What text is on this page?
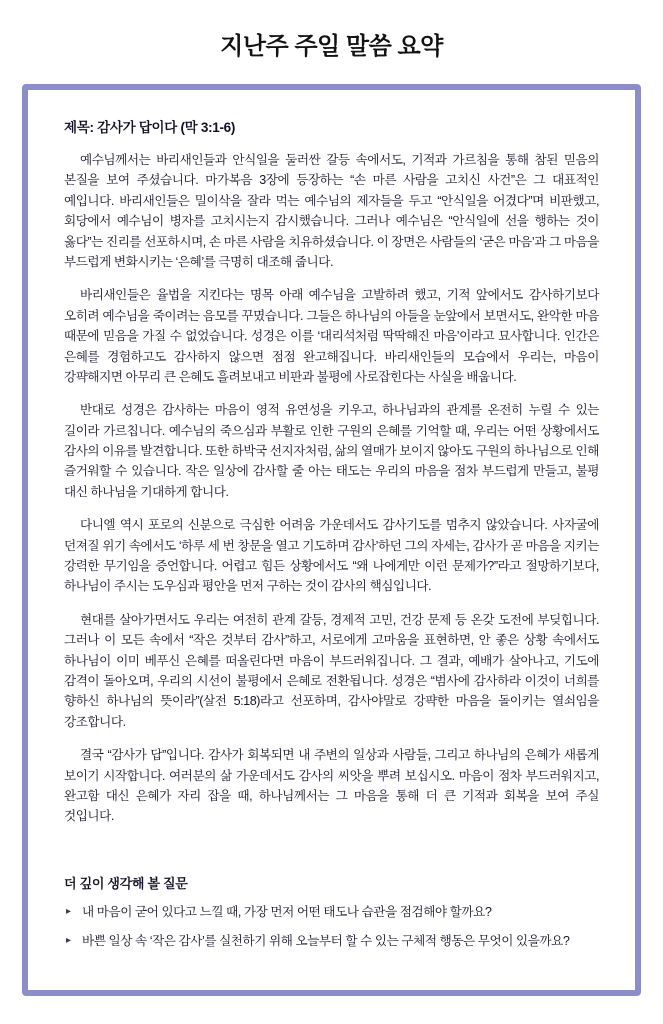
지난주 주일 말씀 요약
제목: 감사가 답이다 (막 3:1-6)

예수님께서는 바리새인들과 안식일을 둘러싼 갈등 속에서도, 기적과 가르침을 통해 참된 믿음의 본질을 보여 주셨습니다. 마가복음 3장에 등장하는 “손 마른 사람을 고치신 사건”은 그 대표적인 예입니다. 바리새인들은 밀이삭을 잘라 먹는 예수님의 제자들을 두고 “안식일을 어겼다”며 비판했고, 회당에서 예수님이 병자를 고치시는지 감시했습니다. 그러나 예수님은 “안식일에 선을 행하는 것이 옳다”는 진리를 선포하시며, 손 마른 사람을 치유하셨습니다. 이 장면은 사람들의 ‘굳은 마음’과 그 마음을 부드럽게 변화시키는 ‘은혜’를 극명히 대조해 줍니다.

바리새인들은 율법을 지킨다는 명목 아래 예수님을 고발하려 했고, 기적 앞에서도 감사하기보다 오히려 예수님을 죽이려는 음모를 꾸몄습니다. 그들은 하나님의 아들을 눈앞에서 보면서도, 완악한 마음 때문에 믿음을 가질 수 없었습니다. 성경은 이를 ‘대리석처럼 딱딱해진 마음’이라고 묘사합니다. 인간은 은혜를 경험하고도 감사하지 않으면 점점 완고해집니다. 바리새인들의 모습에서 우리는, 마음이 강퍅해지면 아무리 큰 은혜도 흘려보내고 비판과 불평에 사로잡힌다는 사실을 배웁니다.

반대로 성경은 감사하는 마음이 영적 유연성을 키우고, 하나님과의 관계를 온전히 누릴 수 있는 길이라 가르칩니다. 예수님의 죽으심과 부활로 인한 구원의 은혜를 기억할 때, 우리는 어떤 상황에서도 감사의 이유를 발견합니다. 또한 하박국 선지자처럼, 삶의 열매가 보이지 않아도 구원의 하나님으로 인해 즐거워할 수 있습니다. 작은 일상에 감사할 줄 아는 태도는 우리의 마음을 점차 부드럽게 만들고, 불평 대신 하나님을 기대하게 합니다.

다니엘 역시 포로의 신분으로 극심한 어려움 가운데서도 감사기도를 멈추지 않았습니다. 사자굴에 던져질 위기 속에서도 ‘하루 세 번 창문을 열고 기도하며 감사’하던 그의 자세는, 감사가 곧 마음을 지키는 강력한 무기임을 증언합니다. 어렵고 힘든 상황에서도 “왜 나에게만 이런 문제가?”라고 절망하기보다, 하나님이 주시는 도우심과 평안을 먼저 구하는 것이 감사의 핵심입니다.

현대를 살아가면서도 우리는 여전히 관계 갈등, 경제적 고민, 건강 문제 등 온갖 도전에 부딪힙니다. 그러나 이 모든 속에서 “작은 것부터 감사”하고, 서로에게 고마움을 표현하면, 안 좋은 상황 속에서도 하나님이 이미 베푸신 은혜를 떠올린다면 마음이 부드러워집니다. 그 결과, 예배가 살아나고, 기도에 감격이 돌아오며, 우리의 시선이 불평에서 은혜로 전환됩니다. 성경은 “범사에 감사하라 이것이 너희를 향하신 하나님의 뜻이라”(살전 5:18)라고 선포하며, 감사야말로 강퍅한 마음을 돌이키는 열쇠임을 강조합니다.

결국 “감사가 답”입니다. 감사가 회복되면 내 주변의 일상과 사람들, 그리고 하나님의 은혜가 새롭게 보이기 시작합니다. 여러분의 삶 가운데서도 감사의 씨앗을 뿌려 보십시오. 마음이 점차 부드러워지고, 완고함 대신 은혜가 자리 잡을 때, 하나님께서는 그 마음을 통해 더 큰 기적과 회복을 보여 주실 것입니다.

더 깊이 생각해 볼 질문
▸ 내 마음이 굳어 있다고 느낄 때, 가장 먼저 어떤 태도나 습관을 점검해야 할까요?
▸ 바쁜 일상 속 ‘작은 감사’를 실천하기 위해 오늘부터 할 수 있는 구체적 행동은 무엇이 있을까요?
